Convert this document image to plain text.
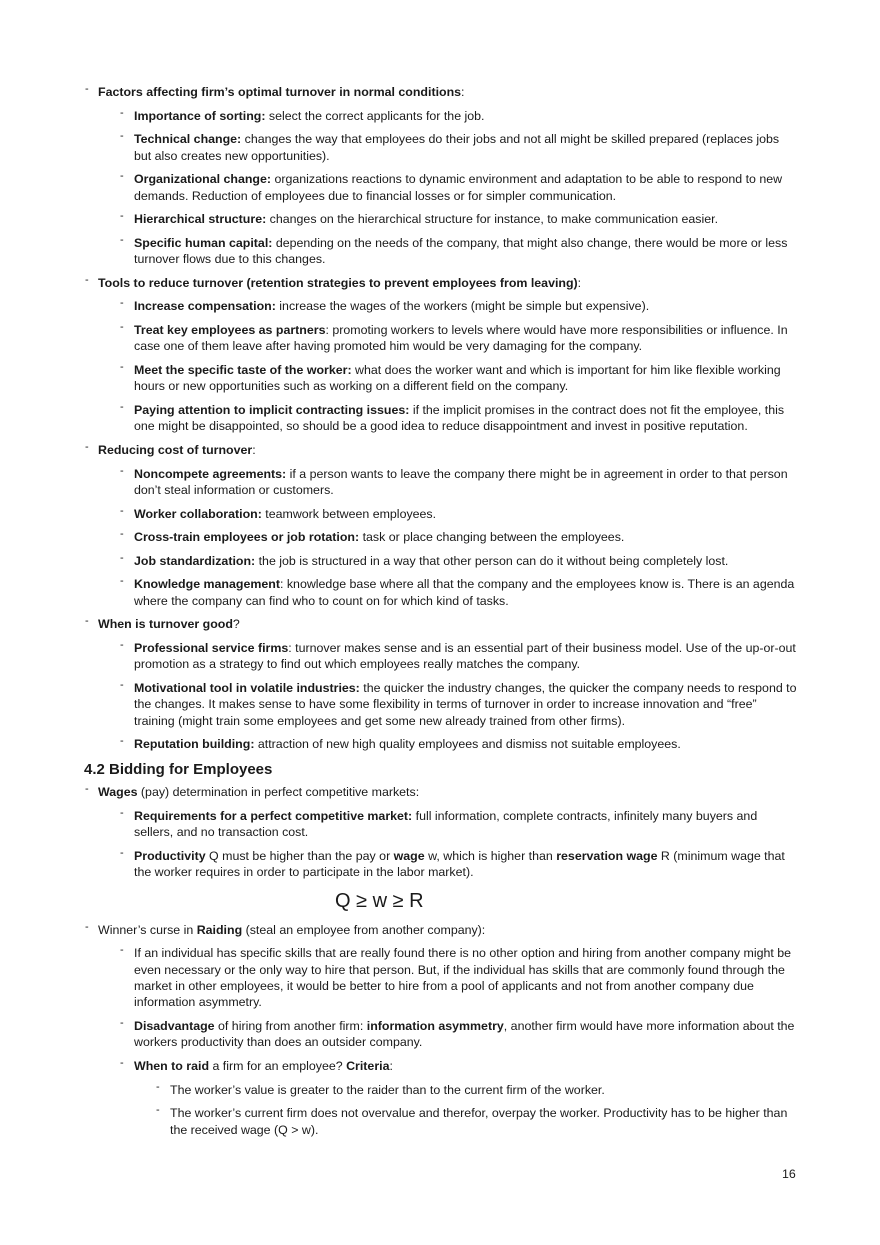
- Factors affecting firm’s optimal turnover in normal conditions:
- Importance of sorting: select the correct applicants for the job.
- Technical change: changes the way that employees do their jobs and not all might be skilled prepared (replaces jobs but also creates new opportunities).
- Organizational change: organizations reactions to dynamic environment and adaptation to be able to respond to new demands. Reduction of employees due to financial losses or for simpler communication.
- Hierarchical structure: changes on the hierarchical structure for instance, to make communication easier.
- Specific human capital: depending on the needs of the company, that might also change, there would be more or less turnover flows due to this changes.
- Tools to reduce turnover (retention strategies to prevent employees from leaving):
- Increase compensation: increase the wages of the workers (might be simple but expensive).
- Treat key employees as partners: promoting workers to levels where would have more responsibilities or influence. In case one of them leave after having promoted him would be very damaging for the company.
- Meet the specific taste of the worker: what does the worker want and which is important for him like flexible working hours or new opportunities such as working on a different field on the company.
- Paying attention to implicit contracting issues: if the implicit promises in the contract does not fit the employee, this one might be disappointed, so should be a good idea to reduce disappointment and invest in positive reputation.
- Reducing cost of turnover:
- Noncompete agreements: if a person wants to leave the company there might be in agreement in order to that person don’t steal information or customers.
- Worker collaboration: teamwork between employees.
- Cross-train employees or job rotation: task or place changing between the employees.
- Job standardization: the job is structured in a way that other person can do it without being completely lost.
- Knowledge management: knowledge base where all that the company and the employees know is. There is an agenda where the company can find who to count on for which kind of tasks.
- When is turnover good?
- Professional service firms: turnover makes sense and is an essential part of their business model. Use of the up-or-out promotion as a strategy to find out which employees really matches the company.
- Motivational tool in volatile industries: the quicker the industry changes, the quicker the company needs to respond to the changes. It makes sense to have some flexibility in terms of turnover in order to increase innovation and “free” training (might train some employees and get some new already trained from other firms).
- Reputation building: attraction of new high quality employees and dismiss not suitable employees.
4.2 Bidding for Employees
- Wages (pay) determination in perfect competitive markets:
- Requirements for a perfect competitive market: full information, complete contracts, infinitely many buyers and sellers, and no transaction cost.
- Productivity Q must be higher than the pay or wage w, which is higher than reservation wage R (minimum wage that the worker requires in order to participate in the labor market).
Q ≥ w ≥ R
- Winner’s curse in Raiding (steal an employee from another company):
- If an individual has specific skills that are really found there is no other option and hiring from another company might be even necessary or the only way to hire that person. But, if the individual has skills that are commonly found through the market in other employees, it would be better to hire from a pool of applicants and not from another company due information asymmetry.
- Disadvantage of hiring from another firm: information asymmetry, another firm would have more information about the workers productivity than does an outsider company.
- When to raid a firm for an employee? Criteria:
- The worker’s value is greater to the raider than to the current firm of the worker.
- The worker’s current firm does not overvalue and therefor, overpay the worker. Productivity has to be higher than the received wage (Q > w).
16
